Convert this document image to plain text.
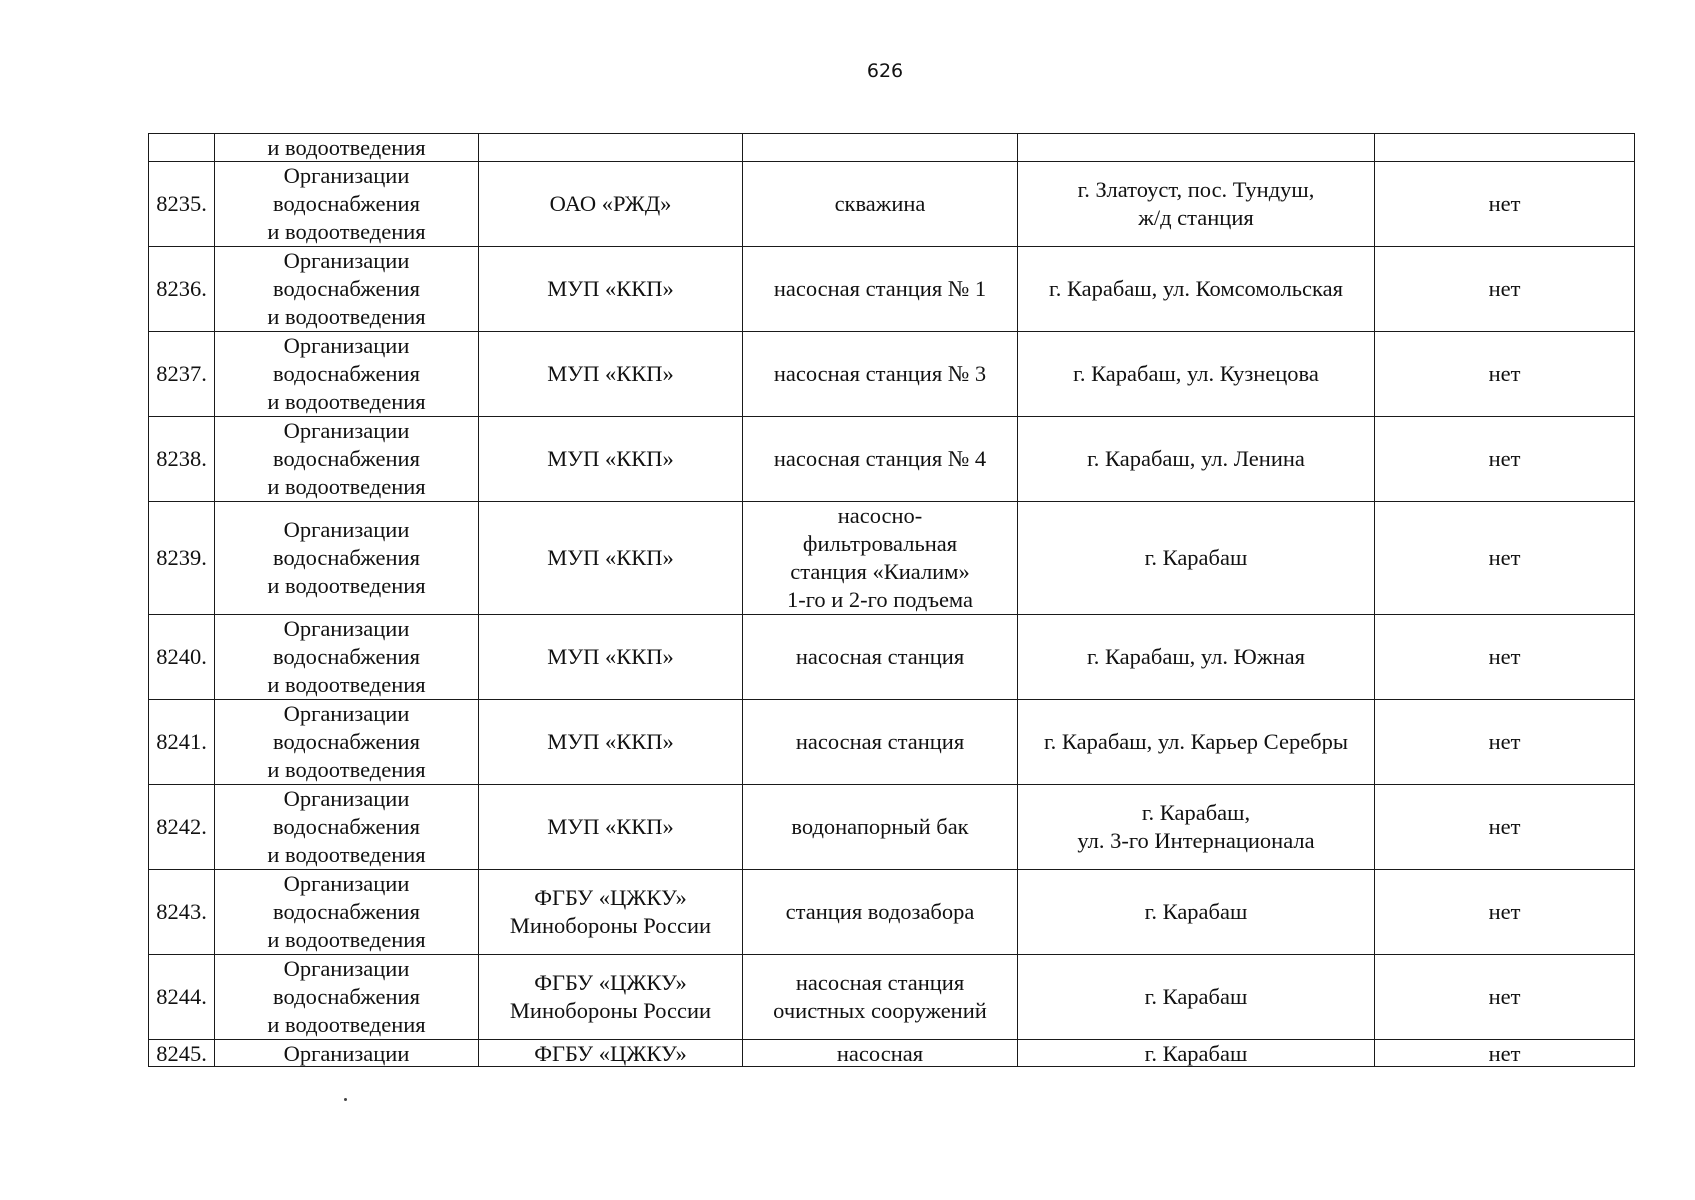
626
	и водоотведения				
8235.	Организации
водоснабжения
и водоотведения	ОАО «РЖД»	скважина	г. Златоуст, пос. Тундуш,
ж/д станция	нет
8236.	Организации
водоснабжения
и водоотведения	МУП «ККП»	насосная станция № 1	г. Карабаш, ул. Комсомольская	нет
8237.	Организации
водоснабжения
и водоотведения	МУП «ККП»	насосная станция № 3	г. Карабаш, ул. Кузнецова	нет
8238.	Организации
водоснабжения
и водоотведения	МУП «ККП»	насосная станция № 4	г. Карабаш, ул. Ленина	нет
8239.	Организации
водоснабжения
и водоотведения	МУП «ККП»	насосно-
фильтровальная
станция «Киалим»
1-го и 2-го подъема	г. Карабаш	нет
8240.	Организации
водоснабжения
и водоотведения	МУП «ККП»	насосная станция	г. Карабаш, ул. Южная	нет
8241.	Организации
водоснабжения
и водоотведения	МУП «ККП»	насосная станция	г. Карабаш, ул. Карьер Серебры	нет
8242.	Организации
водоснабжения
и водоотведения	МУП «ККП»	водонапорный бак	г. Карабаш,
ул. 3-го Интернационала	нет
8243.	Организации
водоснабжения
и водоотведения	ФГБУ «ЦЖКУ»
Минобороны России	станция водозабора	г. Карабаш	нет
8244.	Организации
водоснабжения
и водоотведения	ФГБУ «ЦЖКУ»
Минобороны России	насосная станция
очистных сооружений	г. Карабаш	нет
8245.	Организации	ФГБУ «ЦЖКУ»	насосная	г. Карабаш	нет
